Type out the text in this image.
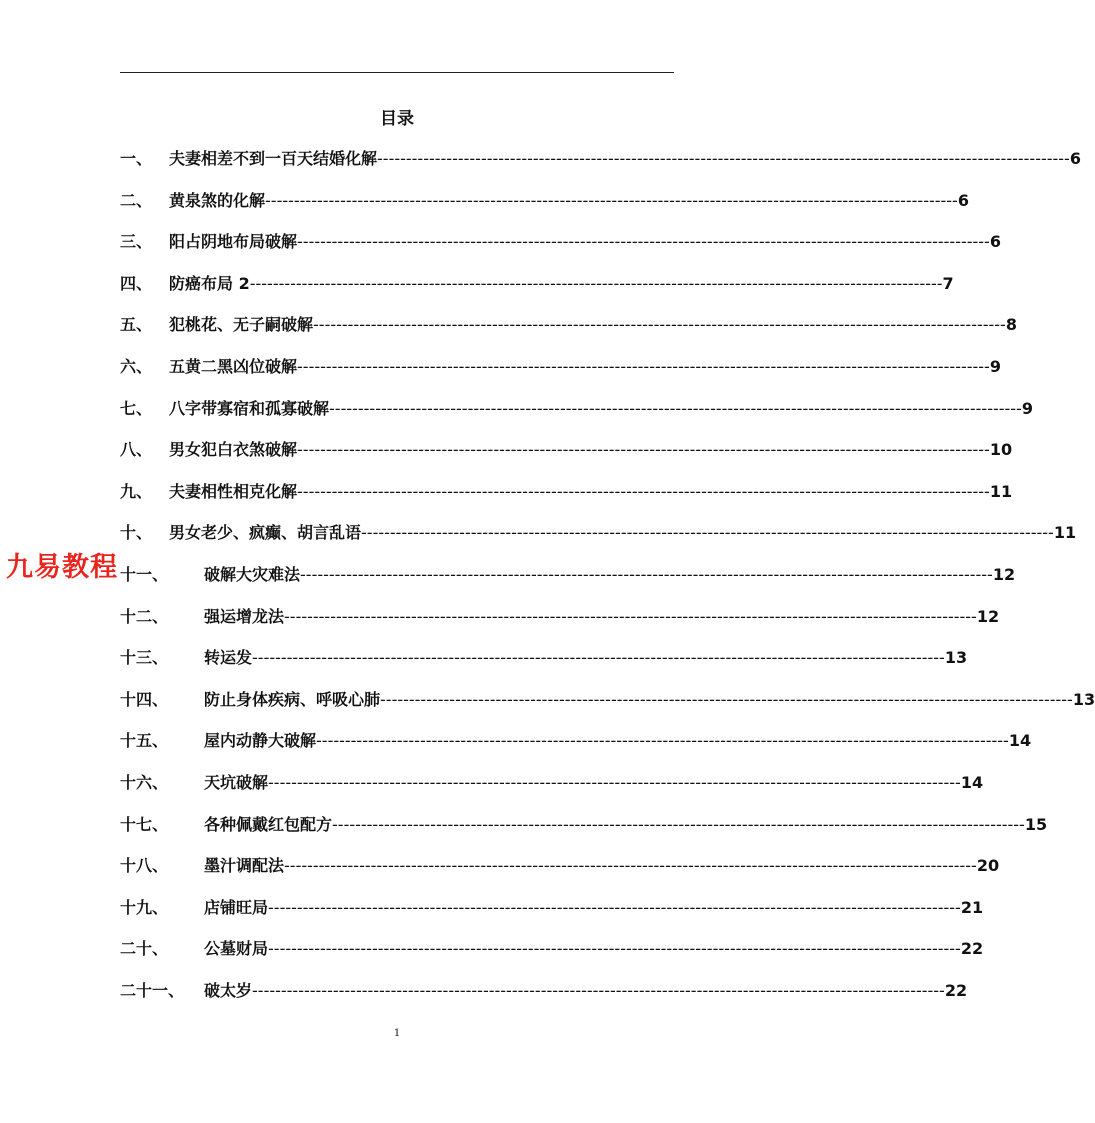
目录
一、 夫妻相差不到一百天结婚化解 ------------------------------------------------------------------------------------------------------------------------ 6
二、 黄泉煞的化解 ------------------------------------------------------------------------------------------------------------------------ 6
三、 阳占阴地布局破解 ------------------------------------------------------------------------------------------------------------------------ 6
四、 防癌布局 2 ------------------------------------------------------------------------------------------------------------------------ 7
五、 犯桃花、无子嗣破解 ------------------------------------------------------------------------------------------------------------------------ 8
六、 五黄二黑凶位破解 ------------------------------------------------------------------------------------------------------------------------ 9
七、 八字带寡宿和孤寡破解 ------------------------------------------------------------------------------------------------------------------------ 9
八、 男女犯白衣煞破解 ------------------------------------------------------------------------------------------------------------------------ 10
九、 夫妻相性相克化解 ------------------------------------------------------------------------------------------------------------------------ 11
十、 男女老少、疯癫、胡言乱语 ------------------------------------------------------------------------------------------------------------------------ 11
十一、 破解大灾难法 ------------------------------------------------------------------------------------------------------------------------ 12
十二、 强运增龙法 ------------------------------------------------------------------------------------------------------------------------ 12
十三、 转运发 ------------------------------------------------------------------------------------------------------------------------ 13
十四、 防止身体疾病、呼吸心肺 ------------------------------------------------------------------------------------------------------------------------ 13
十五、 屋内动静大破解 ------------------------------------------------------------------------------------------------------------------------ 14
十六、 天坑破解 ------------------------------------------------------------------------------------------------------------------------ 14
十七、 各种佩戴红包配方 ------------------------------------------------------------------------------------------------------------------------ 15
十八、 墨汁调配法 ------------------------------------------------------------------------------------------------------------------------ 20
十九、 店铺旺局 ------------------------------------------------------------------------------------------------------------------------ 21
二十、 公墓财局 ------------------------------------------------------------------------------------------------------------------------ 22
二十一、 破太岁 ------------------------------------------------------------------------------------------------------------------------ 22
九易教程
1
